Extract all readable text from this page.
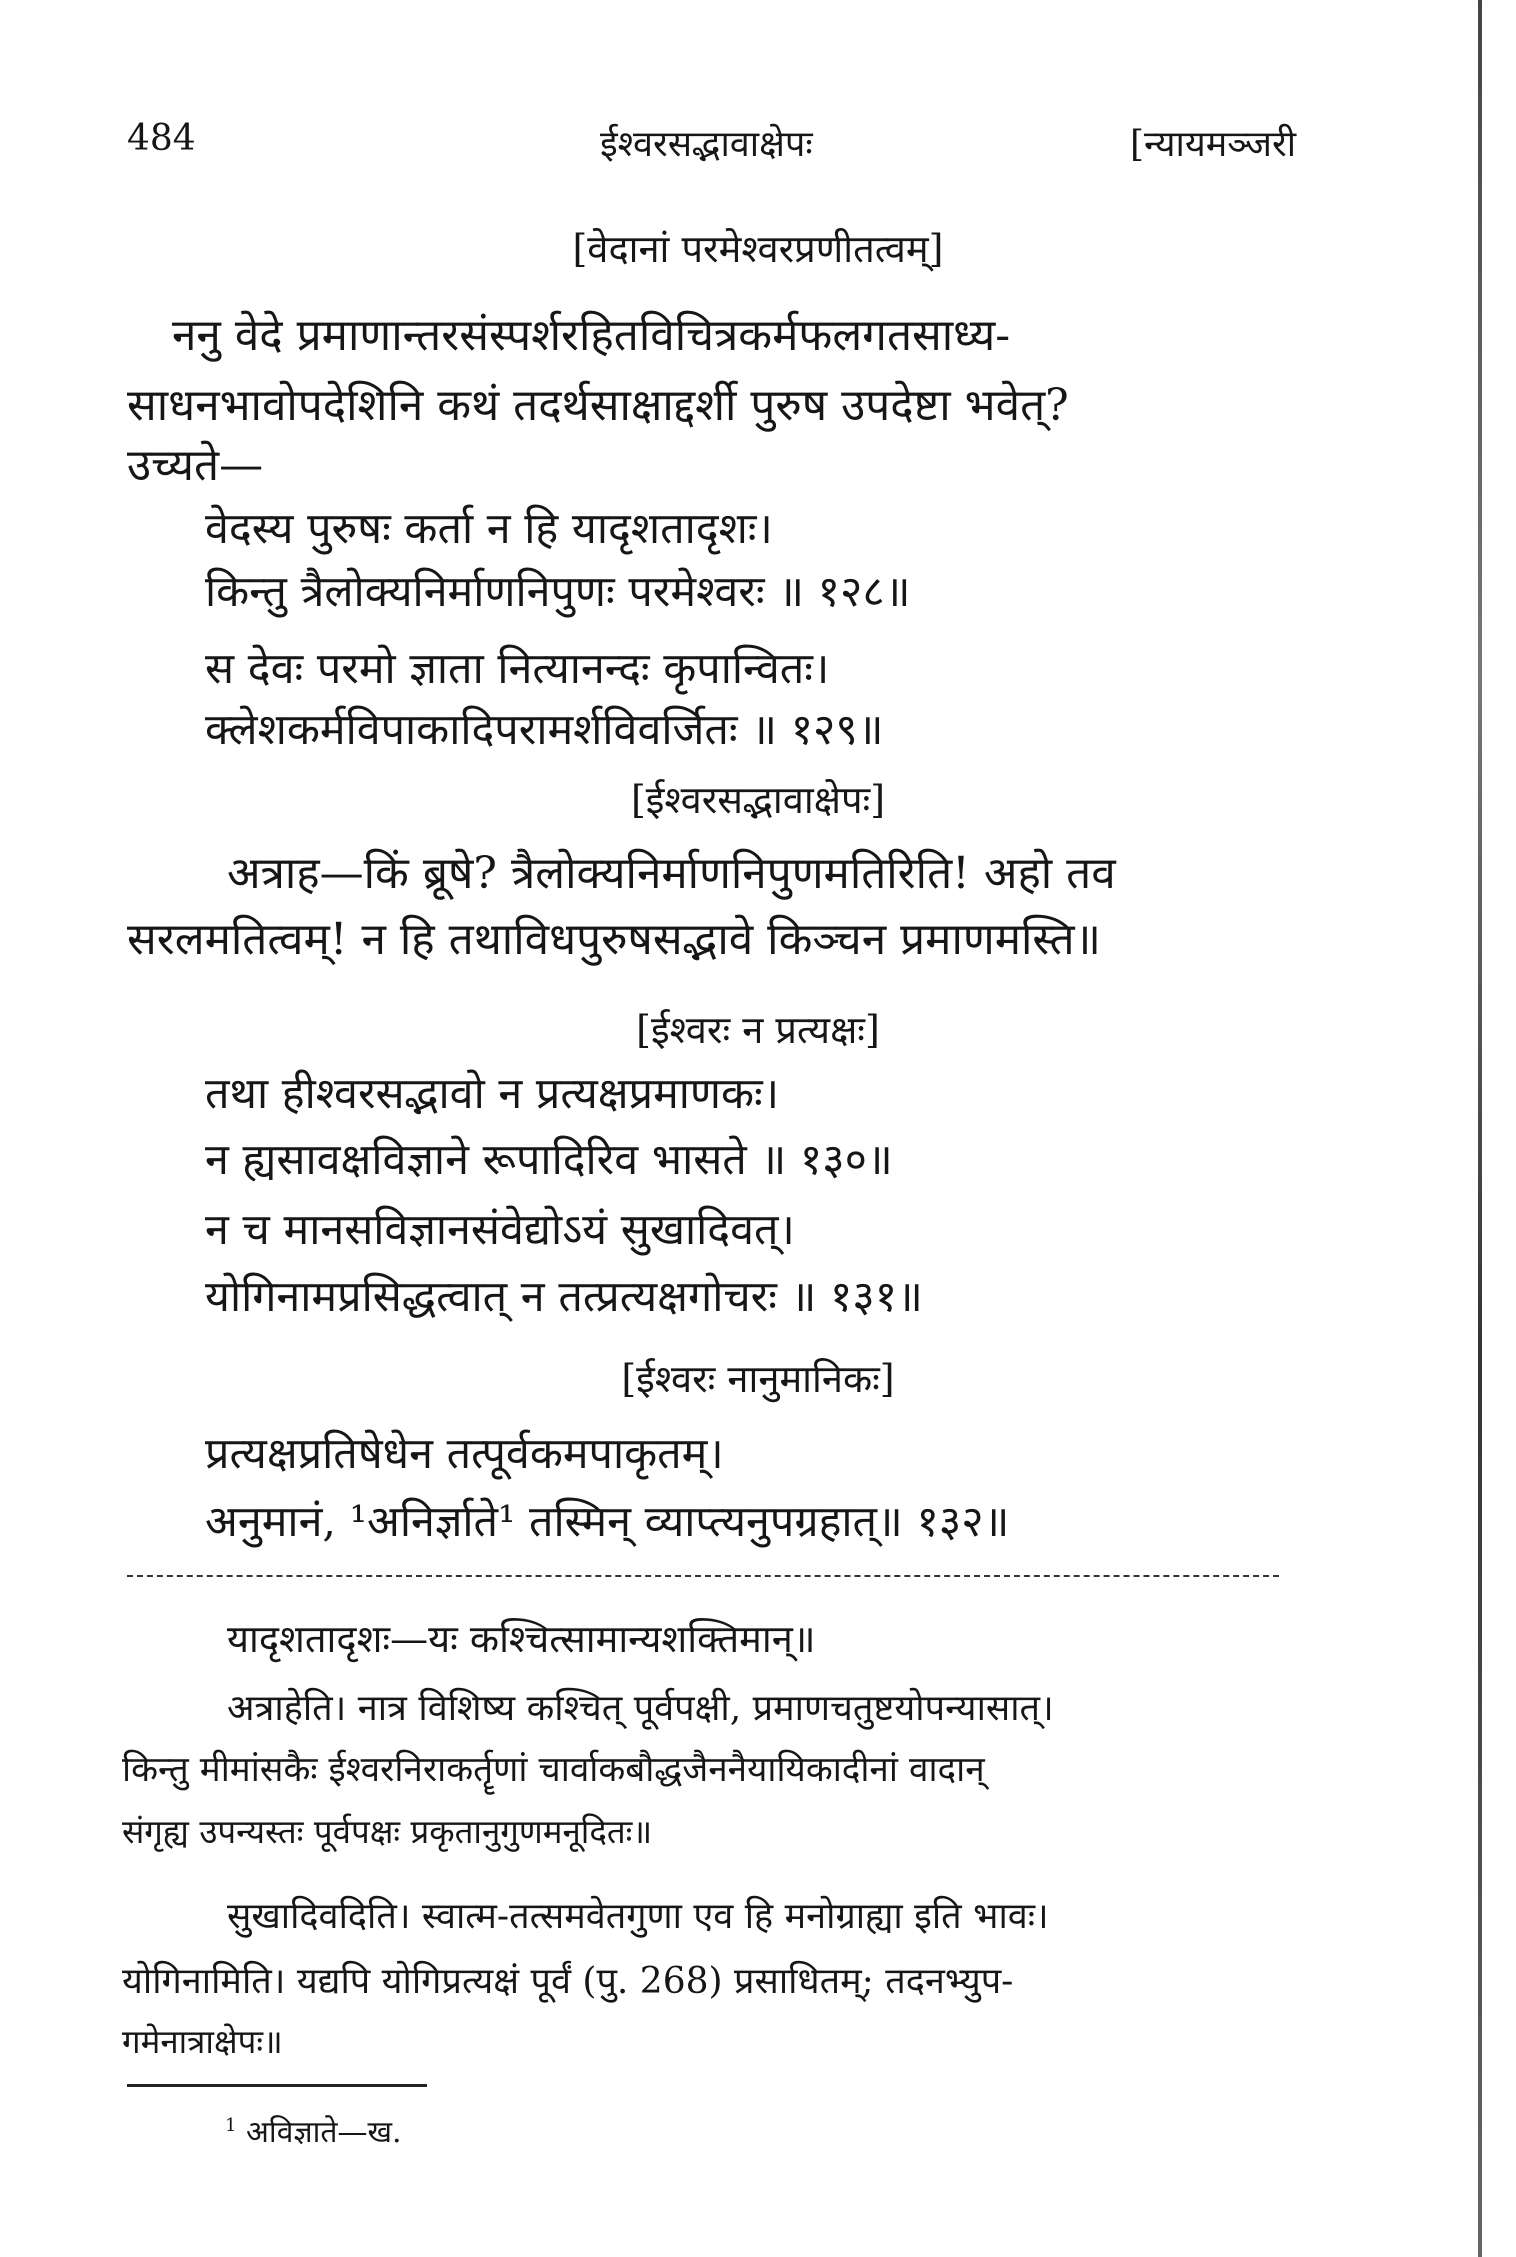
484	ईश्वरसद्भावाक्षेपः	[न्यायमञ्जरी
[वेदानां परमेश्वरप्रणीतत्वम्]
ननु वेदे प्रमाणान्तरसंस्पर्शरहितविचित्रकर्मफलगतसाध्य-
साधनभावोपदेशिनि कथं तदर्थसाक्षाद्दर्शी पुरुष उपदेष्टा भवेत्?
उच्यते—
वेदस्य पुरुषः कर्ता न हि यादृशतादृशः।
किन्तु त्रैलोक्यनिर्माणनिपुणः परमेश्वरः ॥ १२८॥
स देवः परमो ज्ञाता नित्यानन्दः कृपान्वितः।
क्लेशकर्मविपाकादिपरामर्शविवर्जितः ॥ १२९॥
[ईश्वरसद्भावाक्षेपः]
अत्राह—किं ब्रूषे? त्रैलोक्यनिर्माणनिपुणमतिरिति! अहो तव
सरलमतित्वम्! न हि तथाविधपुरुषसद्भावे किञ्चन प्रमाणमस्ति॥
[ईश्वरः न प्रत्यक्षः]
तथा हीश्वरसद्भावो न प्रत्यक्षप्रमाणकः।
न ह्यसावक्षविज्ञाने रूपादिरिव भासते ॥ १३०॥
न च मानसविज्ञानसंवेद्योऽयं सुखादिवत्।
योगिनामप्रसिद्धत्वात् न तत्प्रत्यक्षगोचरः ॥ १३१॥
[ईश्वरः नानुमानिकः]
प्रत्यक्षप्रतिषेधेन तत्पूर्वकमपाकृतम्।
अनुमानं, ¹अनिर्ज्ञाते¹ तस्मिन् व्याप्त्यनुपग्रहात्॥ १३२॥
यादृशतादृशः—यः कश्चित्सामान्यशक्तिमान्॥
अत्राहेति। नात्र विशिष्य कश्चित् पूर्वपक्षी, प्रमाणचतुष्टयोपन्यासात्।
किन्तु मीमांसकैः ईश्वरनिराकर्तॄणां चार्वाकबौद्धजैननैयायिकादीनां वादान्
संगृह्य उपन्यस्तः पूर्वपक्षः प्रकृतानुगुणमनूदितः॥
सुखादिवदिति। स्वात्म-तत्समवेतगुणा एव हि मनोग्राह्या इति भावः।
योगिनामिति। यद्यपि योगिप्रत्यक्षं पूर्वं (पु. 268) प्रसाधितम्; तदनभ्युप-
गमेनात्राक्षेपः॥
$^1$ अविज्ञाते—ख.
